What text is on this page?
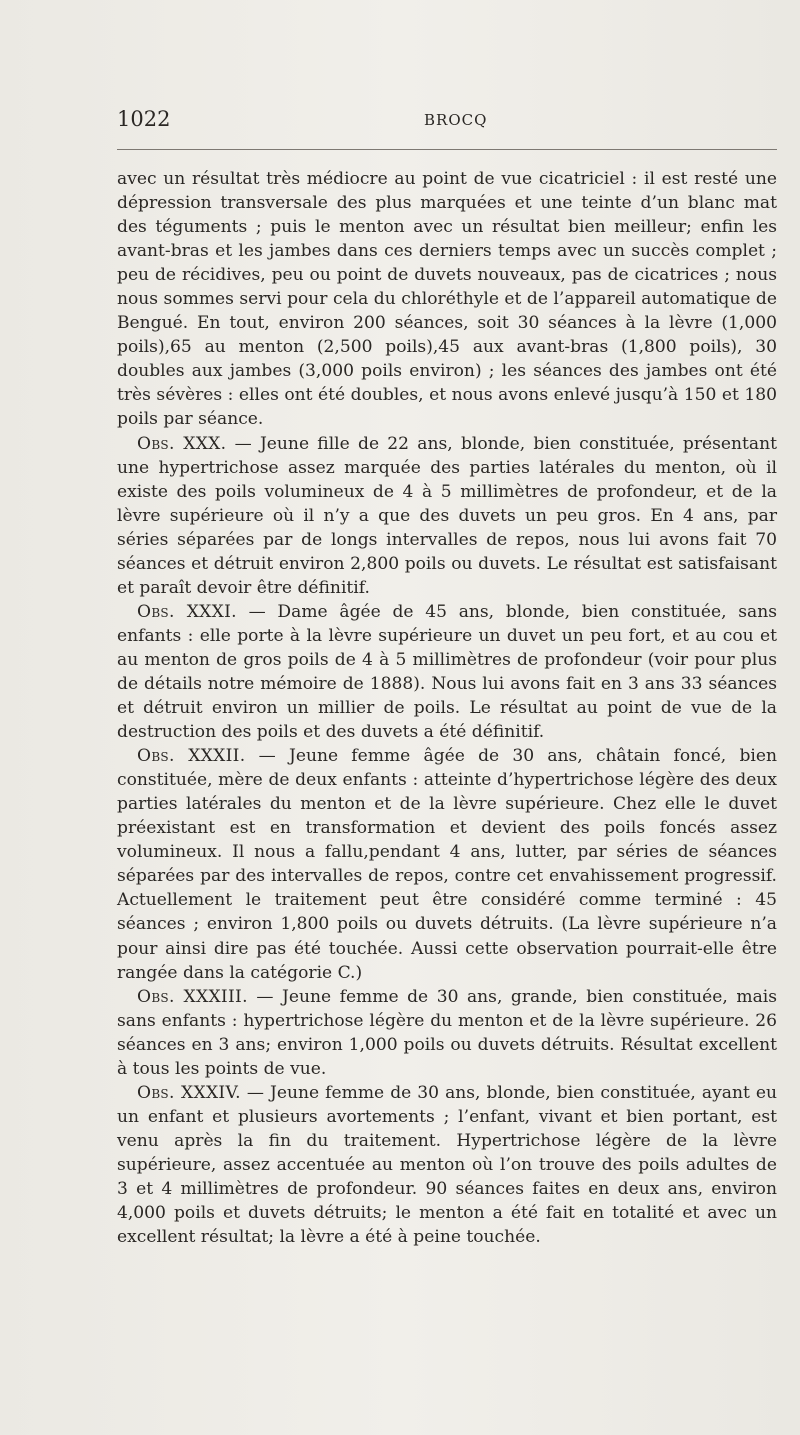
1022	BROCQ

avec un résultat très médiocre au point de vue cicatriciel : il est resté une dépression transversale des plus marquées et une teinte d’un blanc mat des téguments ; puis le menton avec un résultat bien meilleur; enfin les avant-bras et les jambes dans ces derniers temps avec un succès complet ; peu de récidives, peu ou point de duvets nouveaux, pas de cicatrices ; nous nous sommes servi pour cela du chloréthyle et de l’appareil automatique de Bengué. En tout, environ 200 séances, soit 30 séances à la lèvre (1,000 poils),65 au menton (2,500 poils),45 aux avant-bras (1,800 poils), 30 doubles aux jambes (3,000 poils environ) ; les séances des jambes ont été très sévères : elles ont été doubles, et nous avons enlevé jusqu’à 150 et 180 poils par séance.

Obs. XXX. — Jeune fille de 22 ans, blonde, bien constituée, présentant une hypertrichose assez marquée des parties latérales du menton, où il existe des poils volumineux de 4 à 5 millimètres de profondeur, et de la lèvre supérieure où il n’y a que des duvets un peu gros. En 4 ans, par séries séparées par de longs intervalles de repos, nous lui avons fait 70 séances et détruit environ 2,800 poils ou duvets. Le résultat est satisfaisant et paraît devoir être définitif.

Obs. XXXI. — Dame âgée de 45 ans, blonde, bien constituée, sans enfants : elle porte à la lèvre supérieure un duvet un peu fort, et au cou et au menton de gros poils de 4 à 5 millimètres de profondeur (voir pour plus de détails notre mémoire de 1888). Nous lui avons fait en 3 ans 33 séances et détruit environ un millier de poils. Le résultat au point de vue de la destruction des poils et des duvets a été définitif.

Obs. XXXII. — Jeune femme âgée de 30 ans, châtain foncé, bien constituée, mère de deux enfants : atteinte d’hypertrichose légère des deux parties latérales du menton et de la lèvre supérieure. Chez elle le duvet préexistant est en transformation et devient des poils foncés assez volumineux. Il nous a fallu,pendant 4 ans, lutter, par séries de séances séparées par des intervalles de repos, contre cet envahissement progressif. Actuellement le traitement peut être considéré comme terminé : 45 séances ; environ 1,800 poils ou duvets détruits. (La lèvre supérieure n’a pour ainsi dire pas été touchée. Aussi cette observation pourrait-elle être rangée dans la catégorie C.)

Obs. XXXIII. — Jeune femme de 30 ans, grande, bien constituée, mais sans enfants : hypertrichose légère du menton et de la lèvre supérieure. 26 séances en 3 ans; environ 1,000 poils ou duvets détruits. Résultat excellent à tous les points de vue.

Obs. XXXIV. — Jeune femme de 30 ans, blonde, bien constituée, ayant eu un enfant et plusieurs avortements ; l’enfant, vivant et bien portant, est venu après la fin du traitement. Hypertrichose légère de la lèvre supérieure, assez accentuée au menton où l’on trouve des poils adultes de 3 et 4 millimètres de profondeur. 90 séances faites en deux ans, environ 4,000 poils et duvets détruits; le menton a été fait en totalité et avec un excellent résultat; la lèvre a été à peine touchée.
